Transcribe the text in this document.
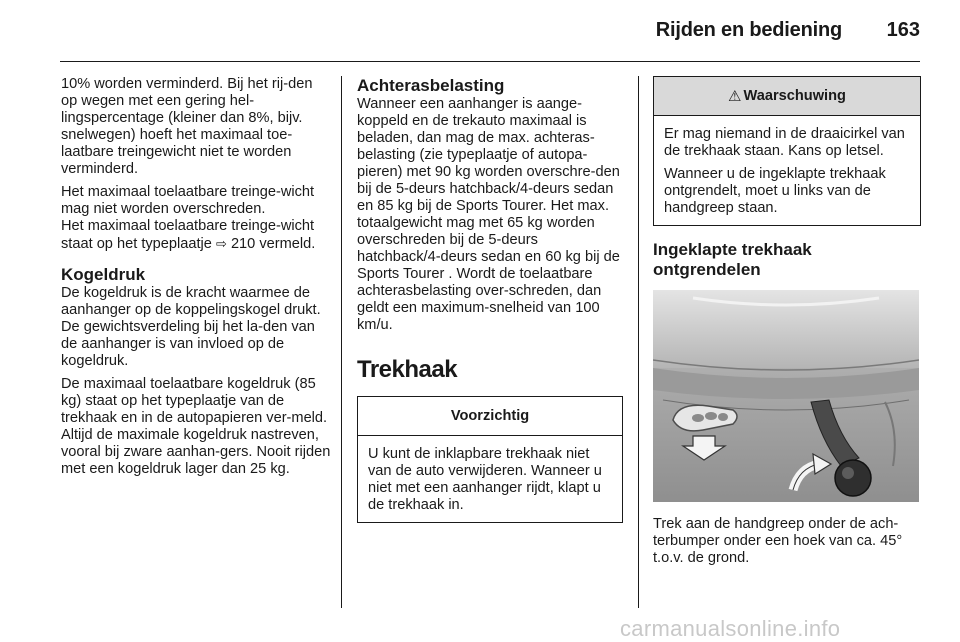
Rijden en bediening 163

10% worden verminderd. Bij het rij-den op wegen met een gering hel-lingspercentage (kleiner dan 8%, bijv. snelwegen) hoeft het maximaal toe-laatbare treingewicht niet te worden verminderd.

Het maximaal toelaatbare treinge-wicht mag niet worden overschreden.

Het maximaal toelaatbare treinge-wicht staat op het typeplaatje ⇨ 210 vermeld.

Kogeldruk

De kogeldruk is de kracht waarmee de aanhanger op de koppelingskogel drukt. De gewichtsverdeling bij het la-den van de aanhanger is van invloed op de kogeldruk.

De maximaal toelaatbare kogeldruk (85 kg) staat op het typeplaatje van de trekhaak en in de autopapieren ver-meld. Altijd de maximale kogeldruk nastreven, vooral bij zware aanhan-gers. Nooit rijden met een kogeldruk lager dan 25 kg.

Achterasbelasting

Wanneer een aanhanger is aange-koppeld en de trekauto maximaal is beladen, dan mag de max. achteras-belasting (zie typeplaatje of autopa-pieren) met 90 kg worden overschre-den bij de 5-deurs hatchback/4-deurs sedan en 85 kg bij de Sports Tourer. Het max. totaalgewicht mag met 65 kg worden overschreden bij de 5-deurs hatchback/4-deurs sedan en 60 kg bij de Sports Tourer . Wordt de toelaatbare achterasbelasting over-schreden, dan geldt een maximum-snelheid van 100 km/u.

Trekhaak
Voorzichtig

U kunt de inklapbare trekhaak niet van de auto verwijderen. Wanneer u niet met een aanhanger rijdt, klapt u de trekhaak in.

⚠ Waarschuwing

Er mag niemand in de draaicirkel van de trekhaak staan. Kans op letsel.

Wanneer u de ingeklapte trekhaak ontgrendelt, moet u links van de handgreep staan.

Ingeklapte trekhaak ontgrendelen

Trek aan de handgreep onder de ach-terbumper onder een hoek van ca. 45° t.o.v. de grond.

carmanualsonline.info
